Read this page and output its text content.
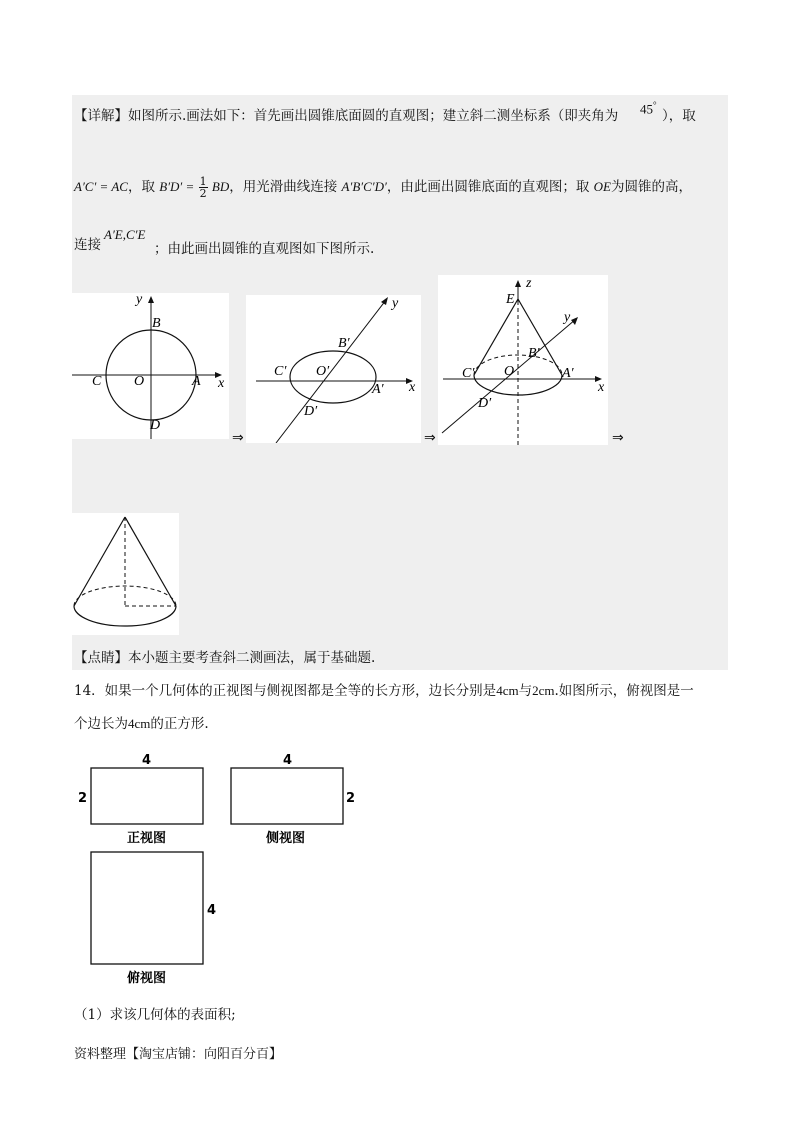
【详解】如图所示.画法如下：首先画出圆锥底面圆的直观图；建立斜二测坐标系（即夹角为 45°
），取
A′C′ = AC，取 $B'D' = \frac{1}{2}$ BD，用光滑曲线连接 A′B′C′D′，由此画出圆锥底面的直观图；取 OE为圆锥的高，
连接
A′E,C′E
；由此画出圆锥的直观图如下图所示.
y
x
B
C O	A
D
⇒
y
x
B′
C′ O′
A′
D′
⇒
z
y
x
E
B′
C′ O	A′
D′
⇒
【点睛】本小题主要考查斜二测画法，属于基础题.
14．如果一个几何体的正视图与侧视图都是全等的长方形，边长分别是4cm与2cm.如图所示，俯视图是一
个边长为4cm的正方形.
4
2
正视图
4
2
侧视图
4
俯视图
（1）求该几何体的表面积;
资料整理【淘宝店铺：向阳百分百】
